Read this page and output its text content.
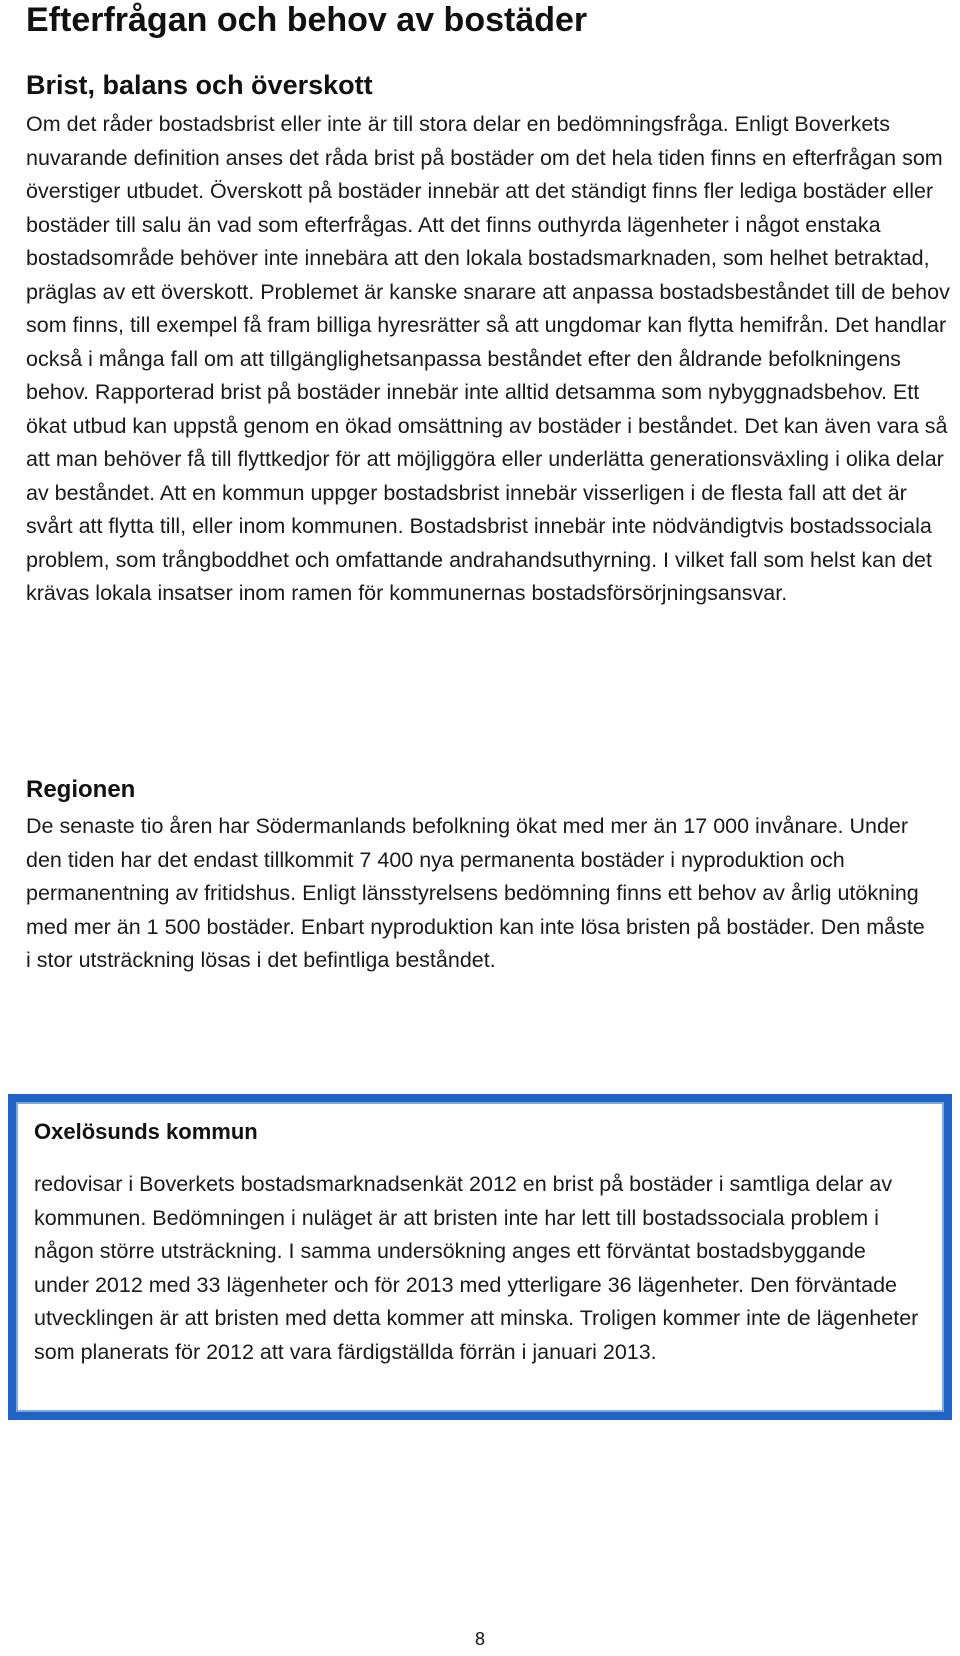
Efterfrågan och behov av bostäder
Brist, balans och överskott

Om det råder bostadsbrist eller inte är till stora delar en bedömningsfråga. Enligt Boverkets nuvarande definition anses det råda brist på bostäder om det hela tiden finns en efterfrågan som överstiger utbudet. Överskott på bostäder innebär att det ständigt finns fler lediga bostäder eller bostäder till salu än vad som efterfrågas. Att det finns outhyrda lägenheter i något enstaka bostadsområde behöver inte innebära att den lokala bostadsmarknaden, som helhet betraktad, präglas av ett överskott. Problemet är kanske snarare att anpassa bostadsbeståndet till de behov som finns, till exempel få fram billiga hyresrätter så att ungdomar kan flytta hemifrån. Det handlar också i många fall om att tillgänglighetsanpassa beståndet efter den åldrande befolkningens behov. Rapporterad brist på bostäder innebär inte alltid detsamma som nybyggnadsbehov. Ett ökat utbud kan uppstå genom en ökad omsättning av bostäder i beståndet. Det kan även vara så att man behöver få till flyttkedjor för att möjliggöra eller underlätta generationsväxling i olika delar av beståndet. Att en kommun uppger bostadsbrist innebär visserligen i de flesta fall att det är svårt att flytta till, eller inom kommunen. Bostadsbrist innebär inte nödvändigtvis bostadssociala problem, som trångboddhet och omfattande andrahandsuthyrning. I vilket fall som helst kan det krävas lokala insatser inom ramen för kommunernas bostadsförsörjningsansvar.

Regionen

De senaste tio åren har Södermanlands befolkning ökat med mer än 17 000 invånare. Under den tiden har det endast tillkommit 7 400 nya permanenta bostäder i nyproduktion och permanentning av fritidshus. Enligt länsstyrelsens bedömning finns ett behov av årlig utökning med mer än 1 500 bostäder. Enbart nyproduktion kan inte lösa bristen på bostäder. Den måste i stor utsträckning lösas i det befintliga beståndet.

Oxelösunds kommun

redovisar i Boverkets bostadsmarknadsenkät 2012 en brist på bostäder i samtliga delar av kommunen. Bedömningen i nuläget är att bristen inte har lett till bostadssociala problem i någon större utsträckning. I samma undersökning anges ett förväntat bostadsbyggande under 2012 med 33 lägenheter och för 2013 med ytterligare 36 lägenheter. Den förväntade utvecklingen är att bristen med detta kommer att minska. Troligen kommer inte de lägenheter som planerats för 2012 att vara färdigställda förrän i januari 2013.

8
